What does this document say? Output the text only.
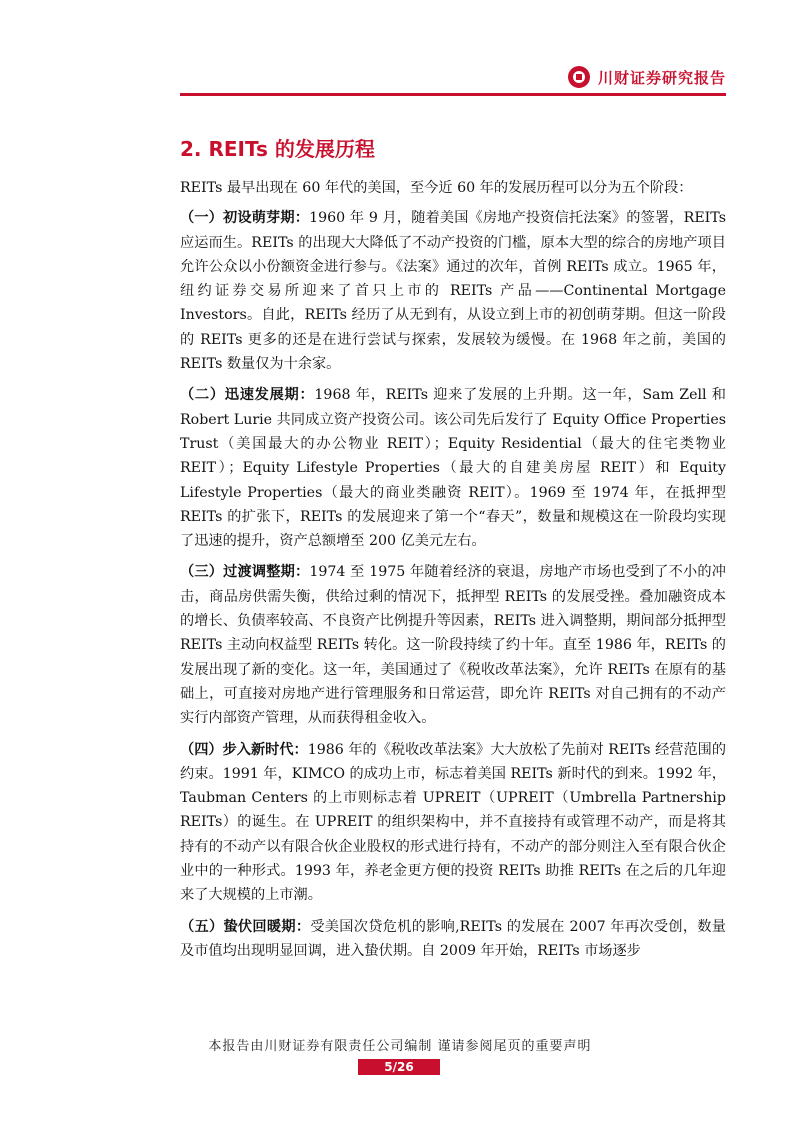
川财证券研究报告
2. REITs 的发展历程

REITs 最早出现在 60 年代的美国，至今近 60 年的发展历程可以分为五个阶段：

（一）初设萌芽期：1960 年 9 月，随着美国《房地产投资信托法案》的签署，REITs 应运而生。REITs 的出现大大降低了不动产投资的门槛，原本大型的综合的房地产项目允许公众以小份额资金进行参与。《法案》通过的次年，首例 REITs 成立。1965 年，纽约证券交易所迎来了首只上市的 REITs 产品——Continental Mortgage Investors。自此，REITs 经历了从无到有，从设立到上市的初创萌芽期。但这一阶段的 REITs 更多的还是在进行尝试与探索，发展较为缓慢。在 1968 年之前，美国的 REITs 数量仅为十余家。

（二）迅速发展期：1968 年，REITs 迎来了发展的上升期。这一年，Sam Zell 和 Robert Lurie 共同成立资产投资公司。该公司先后发行了 Equity Office Properties Trust（美国最大的办公物业 REIT）；Equity Residential（最大的住宅类物业 REIT）；Equity Lifestyle Properties（最大的自建美房屋 REIT）和 Equity Lifestyle Properties（最大的商业类融资 REIT）。1969 至 1974 年，在抵押型 REITs 的扩张下，REITs 的发展迎来了第一个“春天”，数量和规模这在一阶段均实现了迅速的提升，资产总额增至 200 亿美元左右。

（三）过渡调整期：1974 至 1975 年随着经济的衰退，房地产市场也受到了不小的冲击，商品房供需失衡，供给过剩的情况下，抵押型 REITs 的发展受挫。叠加融资成本的增长、负债率较高、不良资产比例提升等因素，REITs 进入调整期，期间部分抵押型 REITs 主动向权益型 REITs 转化。这一阶段持续了约十年。直至 1986 年，REITs 的发展出现了新的变化。这一年，美国通过了《税收改革法案》，允许 REITs 在原有的基础上，可直接对房地产进行管理服务和日常运营，即允许 REITs 对自己拥有的不动产实行内部资产管理，从而获得租金收入。

（四）步入新时代：1986 年的《税收改革法案》大大放松了先前对 REITs 经营范围的约束。1991 年，KIMCO 的成功上市，标志着美国 REITs 新时代的到来。1992 年，Taubman Centers 的上市则标志着 UPREIT（UPREIT（Umbrella Partnership REITs）的诞生。在 UPREIT 的组织架构中，并不直接持有或管理不动产，而是将其持有的不动产以有限合伙企业股权的形式进行持有，不动产的部分则注入至有限合伙企业中的一种形式。1993 年，养老金更方便的投资 REITs 助推 REITs 在之后的几年迎来了大规模的上市潮。

（五）蛰伏回暖期：受美国次贷危机的影响,REITs 的发展在 2007 年再次受创，数量及市值均出现明显回调，进入蛰伏期。自 2009 年开始，REITs 市场逐步

本报告由川财证券有限责任公司编制 谨请参阅尾页的重要声明
5/26
